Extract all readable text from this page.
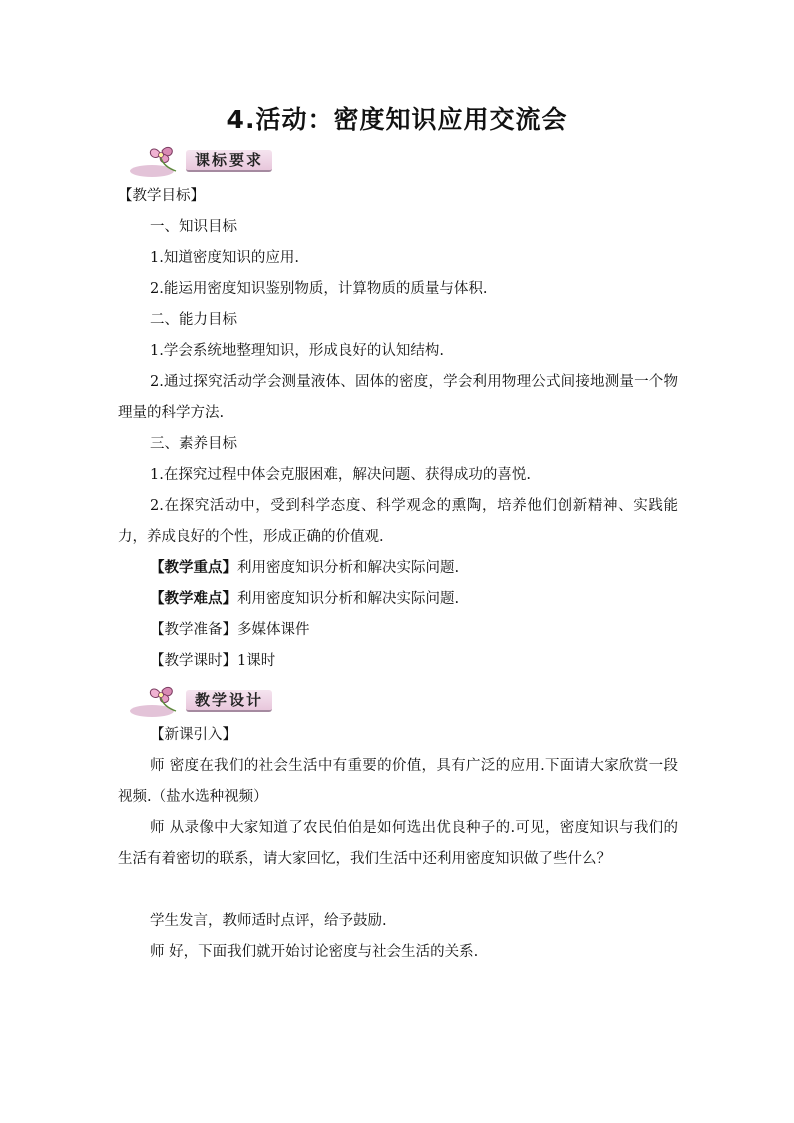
4.活动：密度知识应用交流会
课标要求
【教学目标】
一、知识目标
1.知道密度知识的应用.
2.能运用密度知识鉴别物质，计算物质的质量与体积.
二、能力目标
1.学会系统地整理知识，形成良好的认知结构.
2.通过探究活动学会测量液体、固体的密度，学会利用物理公式间接地测量一个物理量的科学方法.
三、素养目标
1.在探究过程中体会克服困难，解决问题、获得成功的喜悦.
2.在探究活动中，受到科学态度、科学观念的熏陶，培养他们创新精神、实践能力，养成良好的个性，形成正确的价值观.
【教学重点】利用密度知识分析和解决实际问题.
【教学难点】利用密度知识分析和解决实际问题.
【教学准备】多媒体课件
【教学课时】1课时
教学设计
【新课引入】
师 密度在我们的社会生活中有重要的价值，具有广泛的应用.下面请大家欣赏一段视频.（盐水选种视频）
师 从录像中大家知道了农民伯伯是如何选出优良种子的.可见，密度知识与我们的生活有着密切的联系，请大家回忆，我们生活中还利用密度知识做了些什么？
学生发言，教师适时点评，给予鼓励.
师 好，下面我们就开始讨论密度与社会生活的关系.
